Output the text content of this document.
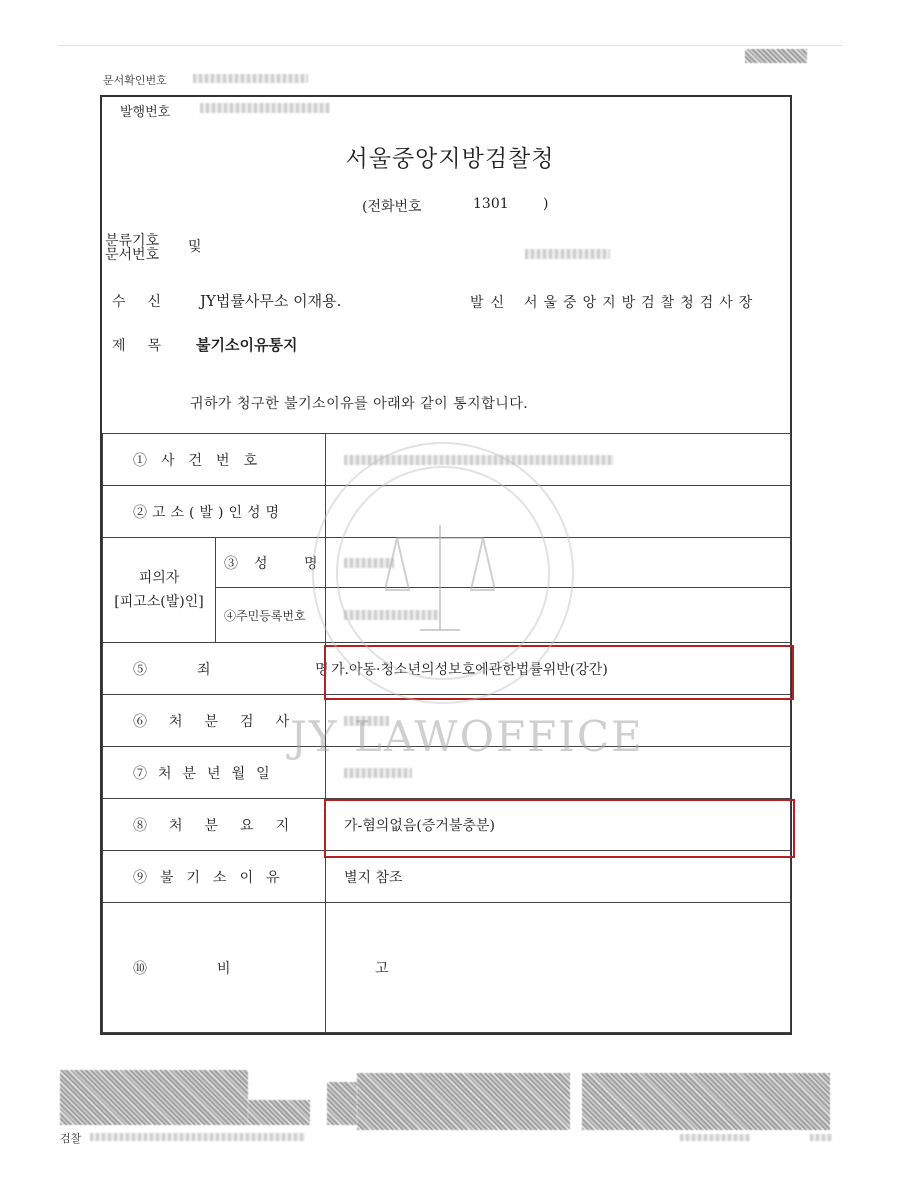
문서확인번호
발행번호
서울중앙지방검찰청
(전화번호	1301 )
분류기호 문서번호	및
수신 JY법률사무소 이재용.	발신 서울중앙지방검찰청검사장
제목 불기소이유통지
귀하가 청구한 불기소이유를 아래와 같이 통지합니다.
①사건번호		
②고소(발)인성명		

피의자
[피고소(발)인]	③성 명	
	④주민등록번호	
⑤죄 명		가.아동·청소년의성보호에관한법률위반(강간)
⑥처분검사		
⑦처분년월일		
⑧처분요지		가-혐의없음(증거불충분)
⑨불기소이유		별지 참조
⑩비 고		
JY LAWOFFICE
검찰
